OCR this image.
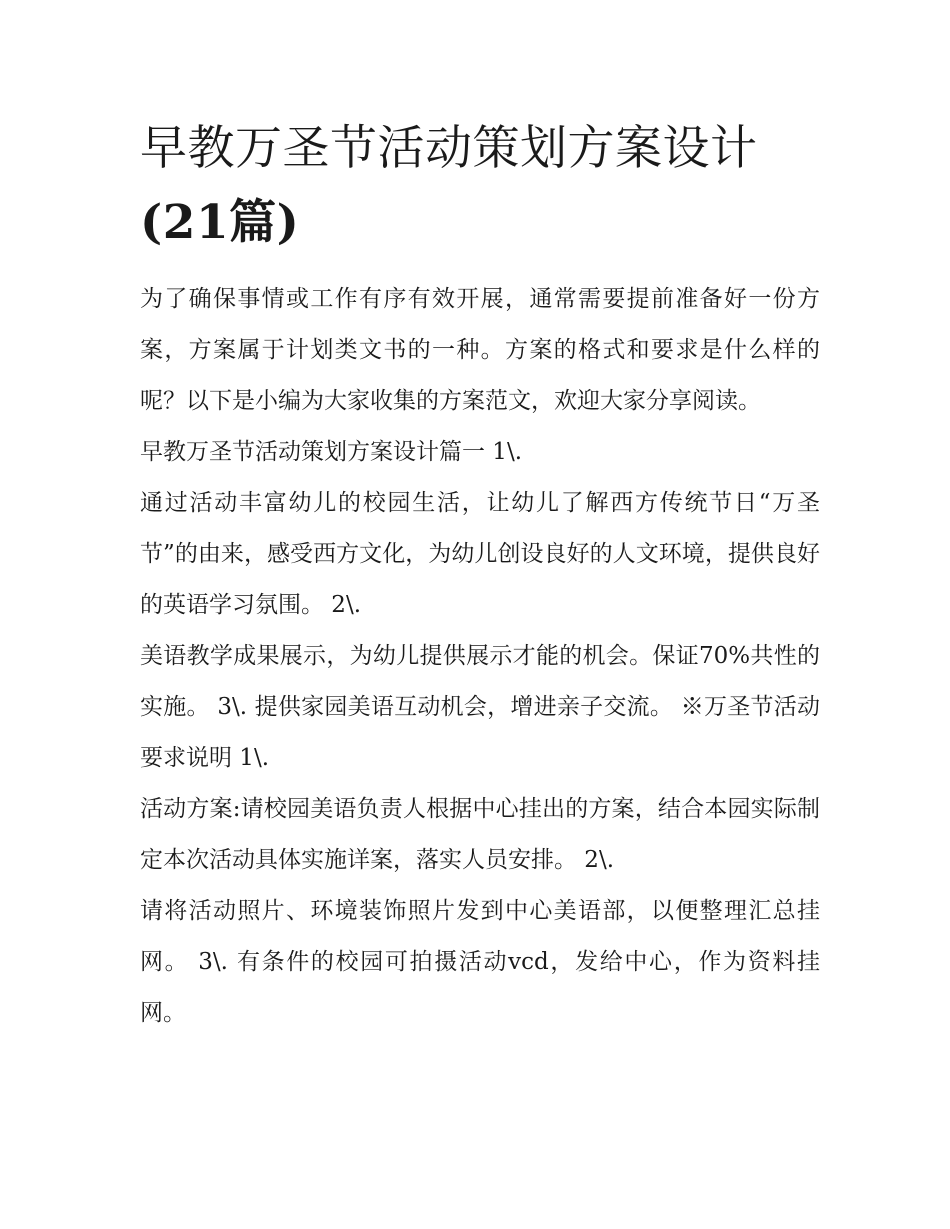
早教万圣节活动策划方案设计
(21篇)

为了确保事情或工作有序有效开展，通常需要提前准备好一份方案，方案属于计划类文书的一种。方案的格式和要求是什么样的呢？以下是小编为大家收集的方案范文，欢迎大家分享阅读。

早教万圣节活动策划方案设计篇一 1\.

通过活动丰富幼儿的校园生活，让幼儿了解西方传统节日“万圣节”的由来，感受西方文化，为幼儿创设良好的人文环境，提供良好的英语学习氛围。 2\.

美语教学成果展示，为幼儿提供展示才能的机会。保证70%共性的实施。 3\. 提供家园美语互动机会，增进亲子交流。 ※万圣节活动要求说明 1\.

活动方案:请校园美语负责人根据中心挂出的方案，结合本园实际制定本次活动具体实施详案，落实人员安排。 2\.

请将活动照片、环境装饰照片发到中心美语部，以便整理汇总挂网。 3\. 有条件的校园可拍摄活动vcd，发给中心，作为资料挂网。
